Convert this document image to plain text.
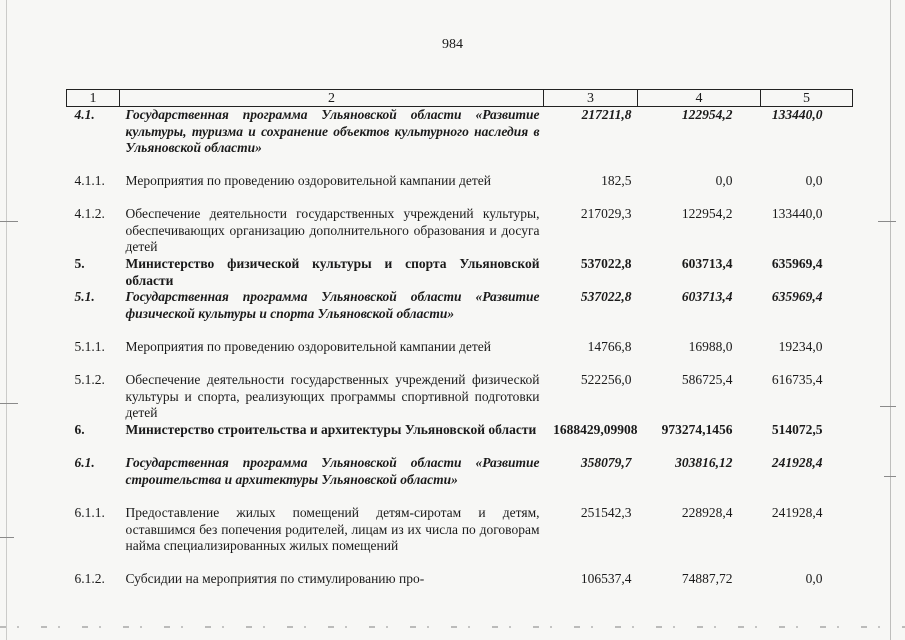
984
1	2	3	4	5
4.1.	Государственная программа Ульяновской области «Развитие культуры, туризма и сохранение объектов культурного наследия в Ульяновской области»	217211,8	122954,2	133440,0
4.1.1.	Мероприятия по проведению оздоровительной кампании детей	182,5	0,0	0,0
4.1.2.	Обеспечение деятельности государственных учреждений культуры, обеспечивающих организацию дополнительного образования и досуга детей	217029,3	122954,2	133440,0
5.	Министерство физической культуры и спорта Ульяновской области	537022,8	603713,4	635969,4
5.1.	Государственная программа Ульяновской области «Развитие физической культуры и спорта Ульяновской области»	537022,8	603713,4	635969,4
5.1.1.	Мероприятия по проведению оздоровительной кампании детей	14766,8	16988,0	19234,0
5.1.2.	Обеспечение деятельности государственных учреждений физической культуры и спорта, реализующих программы спортивной подготовки детей	522256,0	586725,4	616735,4
6.	Министерство строительства и архитектуры Ульяновской области	1688429,09908	973274,1456	514072,5
6.1.	Государственная программа Ульяновской области «Развитие строительства и архитектуры Ульяновской области»	358079,7	303816,12	241928,4
6.1.1.	Предоставление жилых помещений детям-сиротам и детям, оставшимся без попечения родителей, лицам из их числа по договорам найма специализированных жилых помещений	251542,3	228928,4	241928,4
6.1.2.	Субсидии на мероприятия по стимулированию про-	106537,4	74887,72	0,0
